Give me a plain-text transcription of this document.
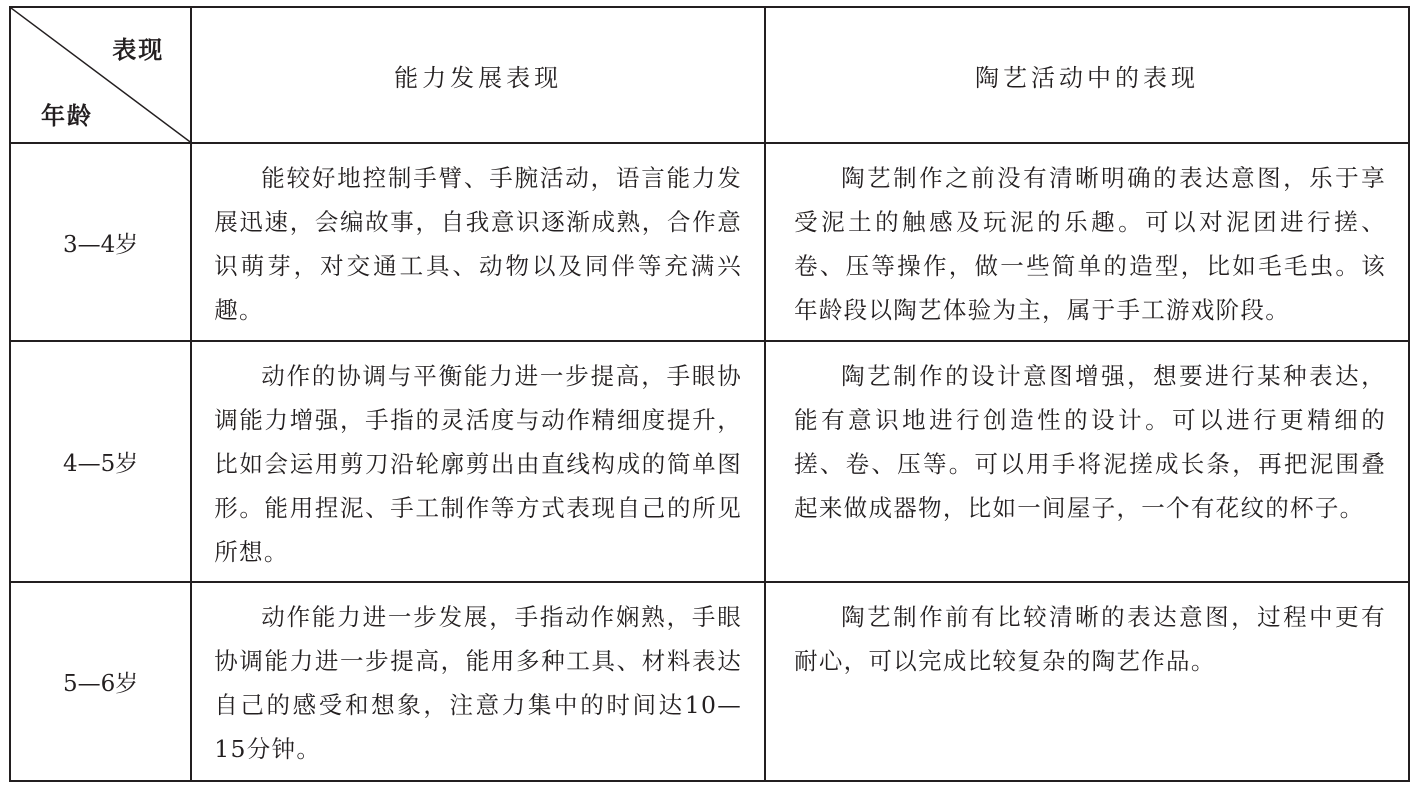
表现
年龄	能力发展表现	陶艺活动中的表现
3—4岁	能较好地控制手臂、手腕活动，语言能力发展迅速，会编故事，自我意识逐渐成熟，合作意识萌芽，对交通工具、动物以及同伴等充满兴趣。	陶艺制作之前没有清晰明确的表达意图，乐于享受泥土的触感及玩泥的乐趣。可以对泥团进行搓、卷、压等操作，做一些简单的造型，比如毛毛虫。该年龄段以陶艺体验为主，属于手工游戏阶段。
4—5岁	动作的协调与平衡能力进一步提高，手眼协调能力增强，手指的灵活度与动作精细度提升，比如会运用剪刀沿轮廓剪出由直线构成的简单图形。能用捏泥、手工制作等方式表现自己的所见所想。	陶艺制作的设计意图增强，想要进行某种表达，能有意识地进行创造性的设计。可以进行更精细的搓、卷、压等。可以用手将泥搓成长条，再把泥围叠起来做成器物，比如一间屋子，一个有花纹的杯子。
5—6岁	动作能力进一步发展，手指动作娴熟，手眼协调能力进一步提高，能用多种工具、材料表达自己的感受和想象，注意力集中的时间达10—15分钟。	陶艺制作前有比较清晰的表达意图，过程中更有耐心，可以完成比较复杂的陶艺作品。
